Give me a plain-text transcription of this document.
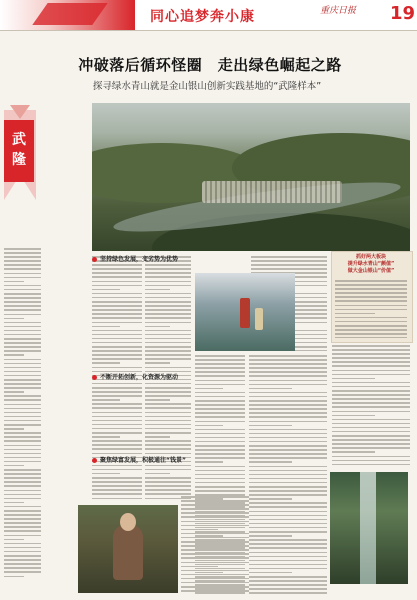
同心追梦奔小康	重庆日报 19
冲破落后循环怪圈　走出绿色崛起之路
探寻绿水青山就是金山银山创新实践基地的“武隆样本”
武隆
坚持绿色发展，变劣势为优势
不断开拓创新，化资源为驱动
聚焦绿富发展，积极通往“钱景”
抓好两大板块
提升绿水青山“颜值”
做大金山银山“价值”
